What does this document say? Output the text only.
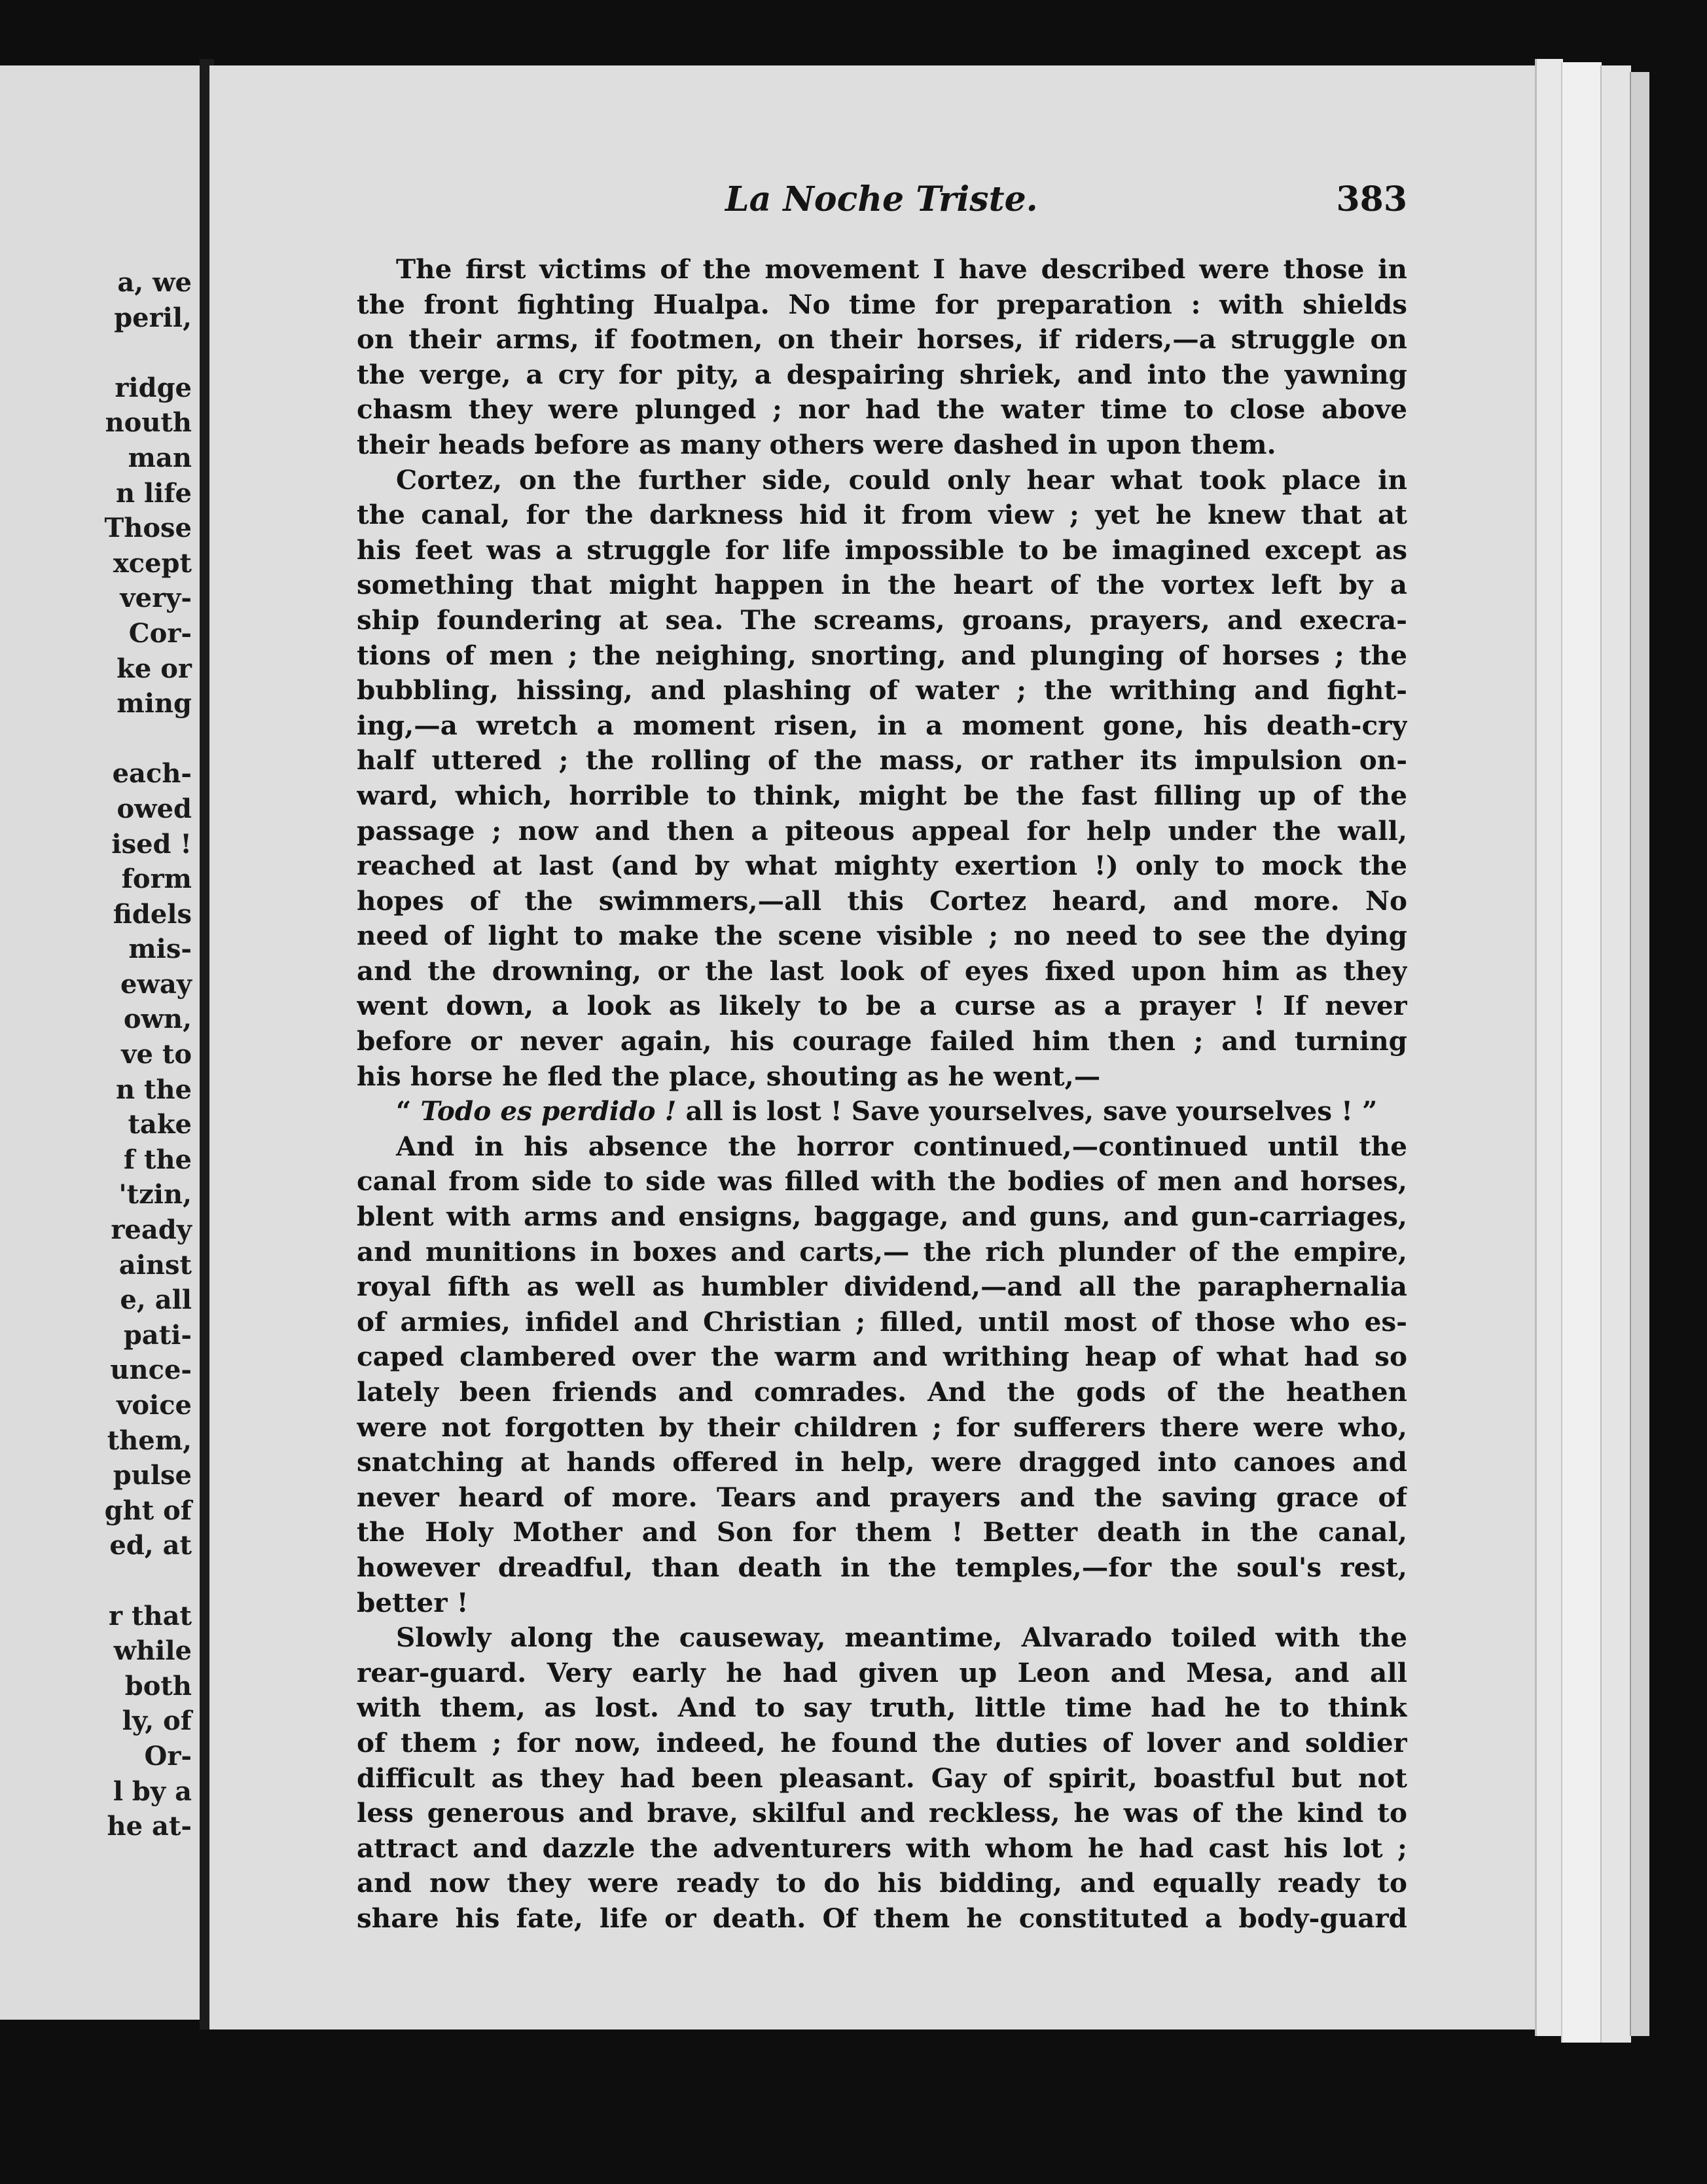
a, we
peril,
ridge
nouth
man
n life
Those
xcept
very-
Cor-
ke or
ming
each-
owed
ised !
form
fidels
mis-
eway
own,
ve to
n the
take
f the
'tzin,
ready
ainst
e, all
pati-
unce-
voice
them,
pulse
ght of
ed, at
r that
while
both
ly, of
Or-
l by a
he at-
La Noche Triste.	383
The first victims of the movement I have described were those in
the front fighting Hualpa. No time for preparation : with shields
on their arms, if footmen, on their horses, if riders,—a struggle on
the verge, a cry for pity, a despairing shriek, and into the yawning
chasm they were plunged ; nor had the water time to close above
their heads before as many others were dashed in upon them.
Cortez, on the further side, could only hear what took place in
the canal, for the darkness hid it from view ; yet he knew that at
his feet was a struggle for life impossible to be imagined except as
something that might happen in the heart of the vortex left by a
ship foundering at sea. The screams, groans, prayers, and execra-
tions of men ; the neighing, snorting, and plunging of horses ; the
bubbling, hissing, and plashing of water ; the writhing and fight-
ing,—a wretch a moment risen, in a moment gone, his death-cry
half uttered ; the rolling of the mass, or rather its impulsion on-
ward, which, horrible to think, might be the fast filling up of the
passage ; now and then a piteous appeal for help under the wall,
reached at last (and by what mighty exertion !) only to mock the
hopes of the swimmers,—all this Cortez heard, and more. No
need of light to make the scene visible ; no need to see the dying
and the drowning, or the last look of eyes fixed upon him as they
went down, a look as likely to be a curse as a prayer ! If never
before or never again, his courage failed him then ; and turning
his horse he fled the place, shouting as he went,—
“ Todo es perdido ! all is lost ! Save yourselves, save yourselves ! ”
And in his absence the horror continued,—continued until the
canal from side to side was filled with the bodies of men and horses,
blent with arms and ensigns, baggage, and guns, and gun-carriages,
and munitions in boxes and carts,— the rich plunder of the empire,
royal fifth as well as humbler dividend,—and all the paraphernalia
of armies, infidel and Christian ; filled, until most of those who es-
caped clambered over the warm and writhing heap of what had so
lately been friends and comrades. And the gods of the heathen
were not forgotten by their children ; for sufferers there were who,
snatching at hands offered in help, were dragged into canoes and
never heard of more. Tears and prayers and the saving grace of
the Holy Mother and Son for them ! Better death in the canal,
however dreadful, than death in the temples,—for the soul's rest,
better !
Slowly along the causeway, meantime, Alvarado toiled with the
rear-guard. Very early he had given up Leon and Mesa, and all
with them, as lost. And to say truth, little time had he to think
of them ; for now, indeed, he found the duties of lover and soldier
difficult as they had been pleasant. Gay of spirit, boastful but not
less generous and brave, skilful and reckless, he was of the kind to
attract and dazzle the adventurers with whom he had cast his lot ;
and now they were ready to do his bidding, and equally ready to
share his fate, life or death. Of them he constituted a body-guard
